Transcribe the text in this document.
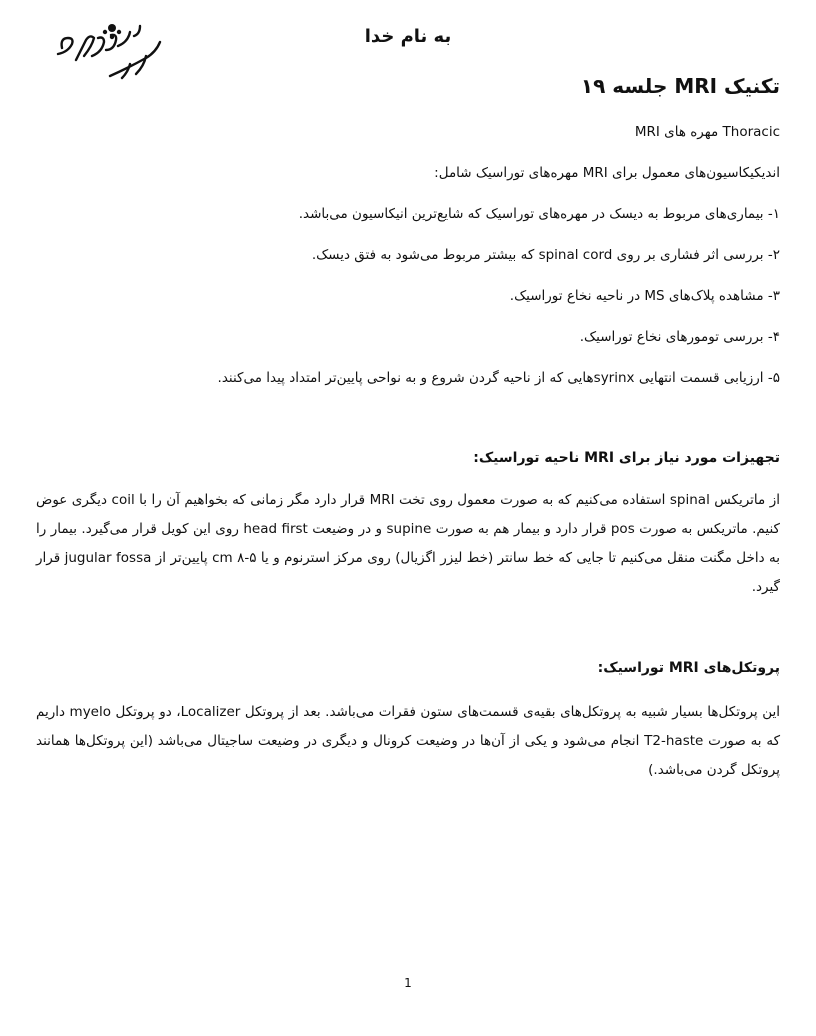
به نام خدا
تکنیک MRI جلسه ۱۹
MRI مهره های Thoracic
اندیکیکاسیون‌های معمول برای MRI مهره‌های توراسیک شامل:
۱- بیماری‌های مربوط به دیسک در مهره‌های توراسیک که شایع‌ترین انیکاسیون می‌باشد.
۲- بررسی اثر فشاری بر روی spinal cord که بیشتر مربوط می‌شود به فتق دیسک.
۳- مشاهده پلاک‌های MS در ناحیه نخاع توراسیک.
۴- بررسی تومورهای نخاع توراسیک.
۵- ارزیابی قسمت انتهایی syrinxهایی که از ناحیه گردن شروع و به نواحی پایین‌تر امتداد پیدا می‌کنند.
تجهیزات مورد نیاز برای MRI ناحیه توراسیک:
از ماتریکس spinal استفاده می‌کنیم که به صورت معمول روی تخت MRI قرار دارد مگر زمانی که بخواهیم آن را با coil دیگری عوض کنیم. ماتریکس به صورت pos قرار دارد و بیمار هم به صورت supine و در وضیعت head first روی این کویل قرار می‌گیرد. بیمار را به داخل مگنت منقل می‌کنیم تا جایی که خط سانتر (خط لیزر اگزیال) روی مرکز استرنوم و یا ۵-۸ cm پایین‌تر از jugular fossa قرار گیرد.
پروتکل‌های MRI توراسیک:
این پروتکل‌ها بسیار شبیه به پروتکل‌های بقیه‌ی قسمت‌های ستون فقرات می‌باشد. بعد از پروتکل Localizer، دو پروتکل myelo داریم که به صورت T2-haste انجام می‌شود و یکی از آن‌ها در وضیعت کرونال و دیگری در وضیعت ساجیتال می‌باشد (این پروتکل‌ها همانند پروتکل گردن می‌باشد.)
1
